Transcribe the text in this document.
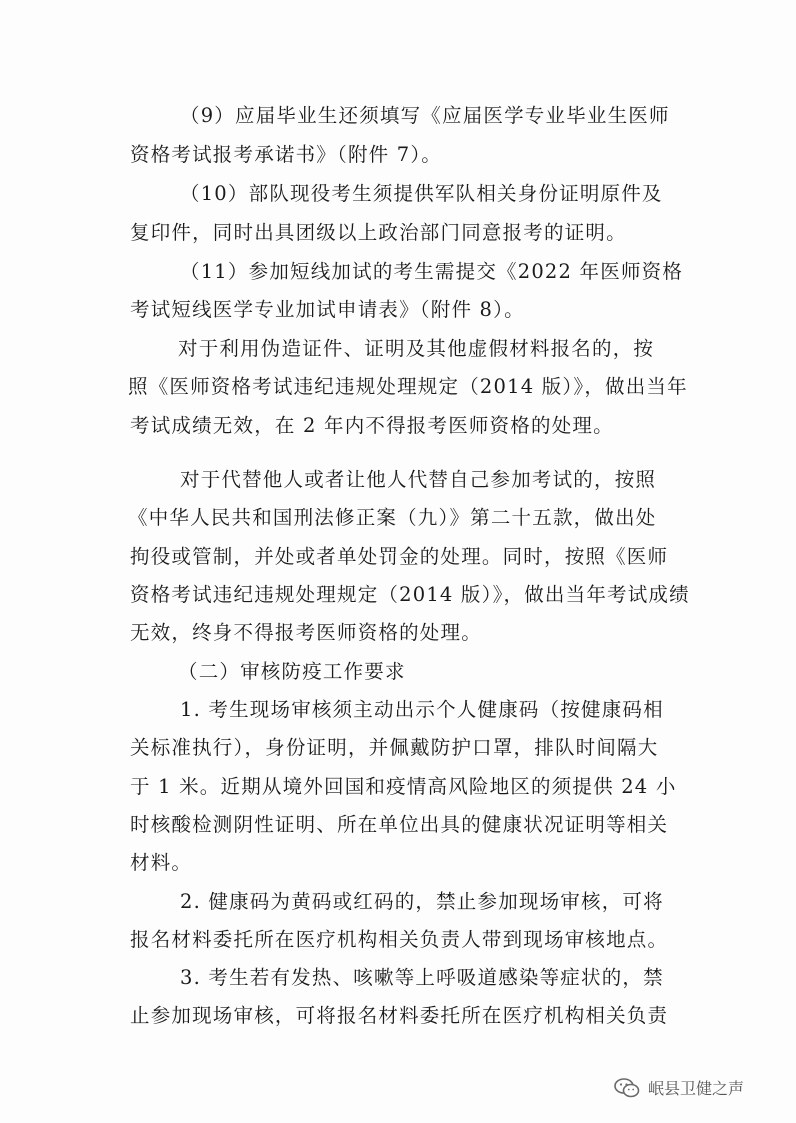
（9）应届毕业生还须填写《应届医学专业毕业生医师
资格考试报考承诺书》（附件 7）。
（10）部队现役考生须提供军队相关身份证明原件及
复印件，同时出具团级以上政治部门同意报考的证明。
（11）参加短线加试的考生需提交《2022 年医师资格
考试短线医学专业加试申请表》（附件 8）。
对于利用伪造证件、证明及其他虚假材料报名的，按
照《医师资格考试违纪违规处理规定（2014 版）》，做出当年
考试成绩无效，在 2 年内不得报考医师资格的处理。
对于代替他人或者让他人代替自己参加考试的，按照
《中华人民共和国刑法修正案（九）》第二十五款，做出处
拘役或管制，并处或者单处罚金的处理。同时，按照《医师
资格考试违纪违规处理规定（2014 版）》，做出当年考试成绩
无效，终身不得报考医师资格的处理。
（二）审核防疫工作要求
1. 考生现场审核须主动出示个人健康码（按健康码相
关标准执行），身份证明，并佩戴防护口罩，排队时间隔大
于 1 米。近期从境外回国和疫情高风险地区的须提供 24 小
时核酸检测阴性证明、所在单位出具的健康状况证明等相关
材料。
2. 健康码为黄码或红码的，禁止参加现场审核，可将
报名材料委托所在医疗机构相关负责人带到现场审核地点。
3. 考生若有发热、咳嗽等上呼吸道感染等症状的，禁
止参加现场审核，可将报名材料委托所在医疗机构相关负责
岷县卫健之声
